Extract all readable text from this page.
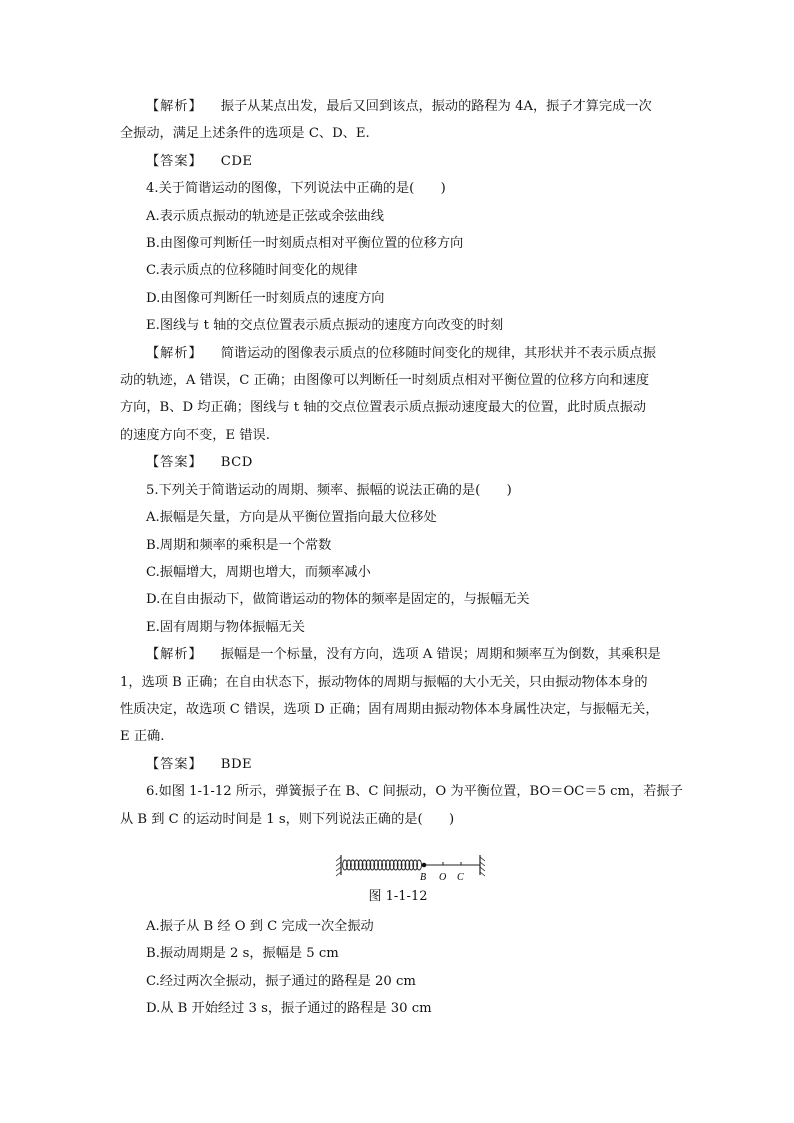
【解析】 振子从某点出发，最后又回到该点，振动的路程为 4A，振子才算完成一次
全振动，满足上述条件的选项是 C、D、E.
【答案】 CDE
4.关于简谐运动的图像，下列说法中正确的是(　　)
A.表示质点振动的轨迹是正弦或余弦曲线
B.由图像可判断任一时刻质点相对平衡位置的位移方向
C.表示质点的位移随时间变化的规律
D.由图像可判断任一时刻质点的速度方向
E.图线与 t 轴的交点位置表示质点振动的速度方向改变的时刻
【解析】 简谐运动的图像表示质点的位移随时间变化的规律，其形状并不表示质点振
动的轨迹，A 错误，C 正确；由图像可以判断任一时刻质点相对平衡位置的位移方向和速度
方向，B、D 均正确；图线与 t 轴的交点位置表示质点振动速度最大的位置，此时质点振动
的速度方向不变，E 错误.
【答案】 BCD
5.下列关于简谐运动的周期、频率、振幅的说法正确的是(　　)
A.振幅是矢量，方向是从平衡位置指向最大位移处
B.周期和频率的乘积是一个常数
C.振幅增大，周期也增大，而频率减小
D.在自由振动下，做简谐运动的物体的频率是固定的，与振幅无关
E.固有周期与物体振幅无关
【解析】 振幅是一个标量，没有方向，选项 A 错误；周期和频率互为倒数，其乘积是
1，选项 B 正确；在自由状态下，振动物体的周期与振幅的大小无关，只由振动物体本身的
性质决定，故选项 C 错误，选项 D 正确；固有周期由振动物体本身属性决定，与振幅无关，
E 正确.
【答案】 BDE
6.如图 1-1-12 所示，弹簧振子在 B、C 间振动，O 为平衡位置，BO＝OC＝5 cm，若振子
从 B 到 C 的运动时间是 1 s，则下列说法正确的是(　　)
B O C
图 1-1-12
A.振子从 B 经 O 到 C 完成一次全振动
B.振动周期是 2 s，振幅是 5 cm
C.经过两次全振动，振子通过的路程是 20 cm
D.从 B 开始经过 3 s，振子通过的路程是 30 cm
